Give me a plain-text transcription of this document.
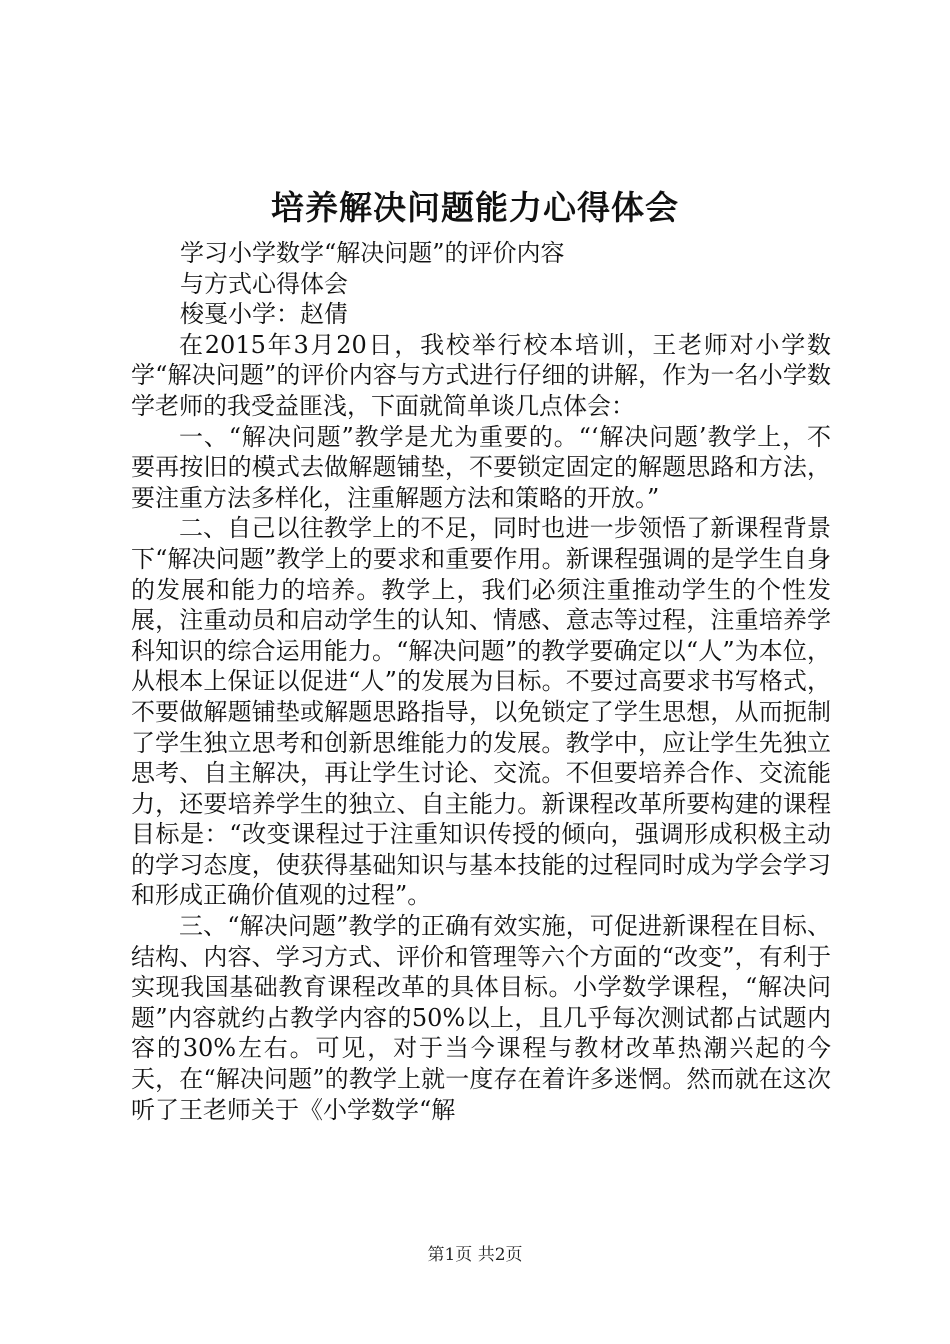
培养解决问题能力心得体会
学习小学数学“解决问题”的评价内容
与方式心得体会
梭戛小学：赵倩

在2015年3月20日，我校举行校本培训，王老师对小学数学“解决问题”的评价内容与方式进行仔细的讲解，作为一名小学数学老师的我受益匪浅，下面就简单谈几点体会：

一、“解决问题”教学是尤为重要的。“‘解决问题’教学上，不要再按旧的模式去做解题铺垫，不要锁定固定的解题思路和方法，要注重方法多样化，注重解题方法和策略的开放。”

二、自己以往教学上的不足，同时也进一步领悟了新课程背景下“解决问题”教学上的要求和重要作用。新课程强调的是学生自身的发展和能力的培养。教学上，我们必须注重推动学生的个性发展，注重动员和启动学生的认知、情感、意志等过程，注重培养学科知识的综合运用能力。“解决问题”的教学要确定以“人”为本位，从根本上保证以促进“人”的发展为目标。不要过高要求书写格式，不要做解题铺垫或解题思路指导，以免锁定了学生思想，从而扼制了学生独立思考和创新思维能力的发展。教学中，应让学生先独立思考、自主解决，再让学生讨论、交流。不但要培养合作、交流能力，还要培养学生的独立、自主能力。新课程改革所要构建的课程目标是：“改变课程过于注重知识传授的倾向，强调形成积极主动的学习态度，使获得基础知识与基本技能的过程同时成为学会学习和形成正确价值观的过程”。

三、“解决问题”教学的正确有效实施，可促进新课程在目标、结构、内容、学习方式、评价和管理等六个方面的“改变”，有利于实现我国基础教育课程改革的具体目标。小学数学课程，“解决问题”内容就约占教学内容的50%以上，且几乎每次测试都占试题内容的30%左右。可见，对于当今课程与教材改革热潮兴起的今天，在“解决问题”的教学上就一度存在着许多迷惘。然而就在这次听了王老师关于《小学数学“解

第1页 共2页
